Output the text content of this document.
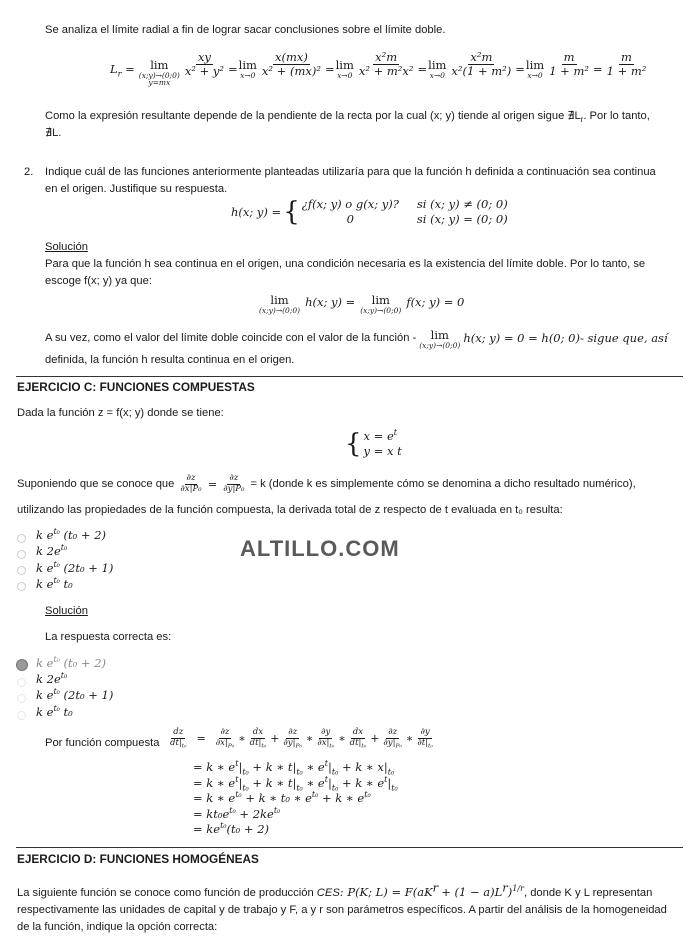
Se analiza el límite radial a fin de lograr sacar conclusiones sobre el límite doble.
$L_r = \lim$
(x;y)→(0;0)
y=mx
$\frac{xy}{\text{x² + y²}} = \lim$
$x\to 0 \frac{x(mx)}{\text{x² + (mx)²}} = \lim$
$x\to 0 \frac{\text{x²m}}{\text{x² + m²x²}} = \lim$
$x\to 0 \frac{\text{x²m}}{\text{x²(1 + m²)}} = \lim$
$x\to 0 \frac{m}{\text{1 + m²}} = \frac{m}{\text{1 + m²}}$
Como la expresión resultante depende de la pendiente de la recta por la cual (x; y) tiende al origen sigue $∄L_r$. Por lo tanto,
∄L.
2. Indique cuál de las funciones anteriormente planteadas utilizaría para que la función h definida a continuación sea continua
en el origen. Justifique su respuesta.
h(x; y) = { ¿f(x; y) o g(x; y)? si (x; y) ≠ (0; 0)
0	si (x; y) = (0; 0)
Solución
Para que la función h sea continua en el origen, una condición necesaria es la existencia del límite doble. Por lo tanto, se
escoge f(x; y) ya que:
lim
(x;y)→(0;0)
h(x; y) = lim
(x;y)→(0;0)
f(x; y) = 0
A su vez, como el valor del límite doble coincide con el valor de la función - lim
(x;y)→(0;0) h(x; y) = 0 = h(0; 0)- sigue que, así
definida, la función h resulta continua en el origen.
EJERCICIO C: FUNCIONES COMPUESTAS
Dada la función z = f(x; y) donde se tiene:
{ $x = e^t$
y = x t
Suponiendo que se conoce que $\frac{\partial z}{\text{∂x|P₀}} = \frac{\partial z}{\text{∂y|P₀}} = k$ (donde k es simplemente cómo se denomina a dicho resultado numérico),
utilizando las propiedades de la función compuesta, la derivada total de z respecto de t evaluada en t₀ resulta:
k $e^{t_0}$ (t₀ + 2)
k $2e^{t_0}$
k $e^{t_0}$ (2t₀ + 1)
k $e^{t_0}$ t₀
ALTILLO.COM
Solución
La respuesta correcta es:
k $e^{t_0}$ (t₀ + 2)
k $2e^{t_0}$
k $e^{t_0}$ (2t₀ + 1)
k $e^{t_0}$ t₀
Por función compuesta $\frac{dz}{dt|_{t_0}} = \frac{\partial z}{\partial x|_{P_0}}$ ∗ $\frac{dx}{dt|_{t_0}} + \frac{\partial z}{\partial y|_{P_0}}$ ∗ $\frac{\partial y}{\partial x|_{t_0}}$ ∗ $\frac{dx}{dt|_{t_0}} + \frac{\partial z}{\partial y|_{P_0}}$ ∗ $\frac{\partial y}{\partial t|_{t_0}}$
= k ∗ $e^t|_{t_0} + k$ ∗ $t|_{t_0}$ ∗ $e^t|_{t_0} + k$ ∗ $x|_{t_0}$
= k ∗ $e^t|_{t_0} + k$ ∗ $t|_{t_0}$ ∗ $e^t|_{t_0} + k$ ∗ $e^t|_{t_0}$
= k ∗ $e^{t_0} + k$ ∗ t₀ ∗ $e^{t_0} + k$ ∗ $e^{t_0}$
= $kt_0e^{t_0} + 2ke^{t_0}$
= $ke^{t_0}(t_0 + 2)$
EJERCICIO D: FUNCIONES HOMOGÉNEAS
La siguiente función se conoce como función de producción CES: P(K; $L) = F(aK^r + (1 - a)L^r)^{1/r}$, donde K y L representan
respectivamente las unidades de capital y de trabajo y F, a y r son parámetros específicos. A partir del análisis de la homogeneidad
de la función, indique la opción correcta:
